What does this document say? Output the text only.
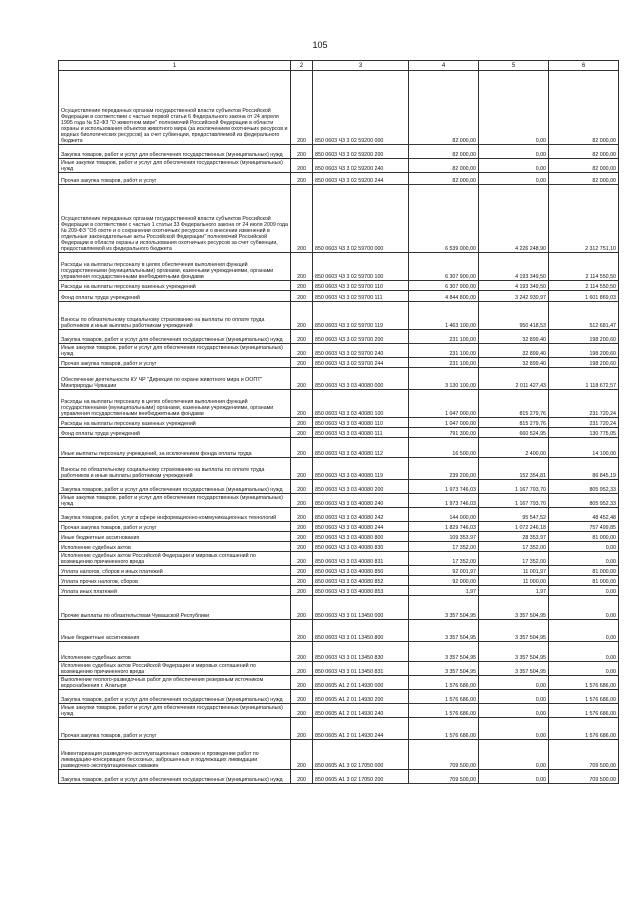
105
1	2	3	4	5	6
Осуществление переданных органам государственной власти субъектов Российской Федерации в соответствии с частью первой статьи 6 Федерального закона от 24 апреля 1995 года № 52-ФЗ "О животном мире" полномочий Российской Федерации в области охраны и использования объектов животного мира (за исключением охотничьих ресурсов и водных биологических ресурсов) за счет субвенции, предоставляемой из федерального бюджета	200	850 0603 Ч3 3 02 59200 000	82 000,00	0,00	82 000,00
Закупка товаров, работ и услуг для обеспечения государственных (муниципальных) нужд	200	850 0603 Ч3 3 02 59200 200	82 000,00	0,00	82 000,00
Иные закупки товаров, работ и услуг для обеспечения государственных (муниципальных) нужд	200	850 0603 Ч3 3 02 59200 240	82 000,00	0,00	82 000,00
Прочая закупка товаров, работ и услуг	200	850 0603 Ч3 3 02 59200 244	82 000,00	0,00	82 000,00
Осуществление переданных органам государственной власти субъектов Российской Федерации в соответствии с частью 1 статьи 33 Федерального закона от 24 июля 2009 года № 209-ФЗ "Об охоте и о сохранении охотничьих ресурсов и о внесении изменений в отдельные законодательные акты Российской Федерации" полномочий Российской Федерации в области охраны и использования охотничьих ресурсов за счет субвенции, предоставляемой из федерального бюджета	200	850 0603 Ч3 3 02 59700 000	6 539 000,00	4 226 248,90	2 312 751,10
Расходы на выплаты персоналу в целях обеспечения выполнения функций государственными (муниципальными) органами, казенными учреждениями, органами управления государственными внебюджетными фондами	200	850 0603 Ч3 3 02 59700 100	6 307 900,00	4 193 349,50	2 114 550,50
Расходы на выплаты персоналу казенных учреждений	200	850 0603 Ч3 3 02 59700 110	6 307 900,00	4 193 349,50	2 114 550,50
Фонд оплаты труда учреждений	200	850 0603 Ч3 3 02 59700 111	4 844 800,00	3 242 930,97	1 601 869,03
Взносы по обязательному социальному страхованию на выплаты по оплате труда работников и иные выплаты работникам учреждений	200	850 0603 Ч3 3 02 59700 119	1 463 100,00	950 418,53	512 681,47
Закупка товаров, работ и услуг для обеспечения государственных (муниципальных) нужд	200	850 0603 Ч3 3 02 59700 200	231 100,00	32 899,40	198 200,60
Иные закупки товаров, работ и услуг для обеспечения государственных (муниципальных) нужд	200	850 0603 Ч3 3 02 59700 240	231 100,00	32 899,40	198 200,60
Прочая закупка товаров, работ и услуг	200	850 0603 Ч3 3 02 59700 244	231 100,00	32 899,40	198 200,60
Обеспечение деятельности КУ ЧР "Дирекция по охране животного мира и ООПТ" Минприроды Чувашии	200	850 0603 Ч3 3 03 40080 000	3 130 100,00	2 011 427,43	1 118 672,57
Расходы на выплаты персоналу в целях обеспечения выполнения функций государственными (муниципальными) органами, казенными учреждениями, органами управления государственными внебюджетными фондами	200	850 0603 Ч3 3 03 40080 100	1 047 000,00	815 279,76	231 720,24
Расходы на выплаты персоналу казенных учреждений	200	850 0603 Ч3 3 03 40080 110	1 047 000,00	815 279,76	231 720,24
Фонд оплаты труда учреждений	200	850 0603 Ч3 3 03 40080 111	791 300,00	660 524,95	130 775,05
Иные выплаты персоналу учреждений, за исключением фонда оплаты труда	200	850 0603 Ч3 3 03 40080 112	16 500,00	2 400,00	14 100,00
Взносы по обязательному социальному страхованию на выплаты по оплате труда работников и иные выплаты работникам учреждений	200	850 0603 Ч3 3 03 40080 119	239 200,00	152 354,81	86 845,19
Закупка товаров, работ и услуг для обеспечения государственных (муниципальных) нужд	200	850 0603 Ч3 3 03 40080 200	1 973 746,03	1 167 793,70	805 952,33
Иные закупки товаров, работ и услуг для обеспечения государственных (муниципальных) нужд	200	850 0603 Ч3 3 03 40080 240	1 973 746,03	1 167 793,70	805 952,33
Закупка товаров, работ, услуг в сфере информационно-коммуникационных технологий	200	850 0603 Ч3 3 03 40080 242	144 000,00	95 547,52	48 452,48
Прочая закупка товаров, работ и услуг	200	850 0603 Ч3 3 03 40080 244	1 829 746,03	1 072 246,18	757 499,85
Иные бюджетные ассигнования	200	850 0603 Ч3 3 03 40080 800	109 353,97	28 353,97	81 000,00
Исполнение судебных актов	200	850 0603 Ч3 3 03 40080 830	17 352,00	17 352,00	0,00
Исполнение судебных актов Российской Федерации и мировых соглашений по возмещению причиненного вреда	200	850 0603 Ч3 3 03 40080 831	17 352,00	17 352,00	0,00
Уплата налогов, сборов и иных платежей	200	850 0603 Ч3 3 03 40080 850	92 001,97	11 001,97	81 000,00
Уплата прочих налогов, сборов	200	850 0603 Ч3 3 03 40080 852	92 000,00	11 000,00	81 000,00
Уплата иных платежей	200	850 0603 Ч3 3 03 40080 853	1,97	1,97	0,00
Прочие выплаты по обязательствам Чувашской Республики	200	850 0603 Ч3 3 01 13450 000	3 357 504,95	3 357 504,95	0,00
Иные бюджетные ассигнования	200	850 0603 Ч3 3 01 13450 800	3 357 504,95	3 357 504,95	0,00
Исполнение судебных актов	200	850 0603 Ч3 3 01 13450 830	3 357 504,95	3 357 504,95	0,00
Исполнение судебных актов Российской Федерации и мировых соглашений по возмещению причиненного вреда	200	850 0603 Ч3 3 01 13450 831	3 357 504,95	3 357 504,95	0,00
Выполнение геолого-разведочных работ для обеспечения резервным источником водоснабжения г. Алатыря	200	850 0605 А1 2 01 14930 000	1 576 686,00	0,00	1 576 686,00
Закупка товаров, работ и услуг для обеспечения государственных (муниципальных) нужд	200	850 0605 А1 2 01 14930 200	1 576 686,00	0,00	1 576 686,00
Иные закупки товаров, работ и услуг для обеспечения государственных (муниципальных) нужд	200	850 0605 А1 2 01 14930 240	1 576 686,00	0,00	1 576 686,00
Прочая закупка товаров, работ и услуг	200	850 0605 А1 2 01 14930 244	1 576 686,00	0,00	1 576 686,00
Инвентаризация разведочно-эксплуатационных скважин и проведение работ по ликвидацию-консервацию бесхозных, заброшенных и подлежащих ликвидации разведочно-эксплуатационных скважин	200	850 0605 А1 3 02 17050 000	709 500,00	0,00	709 500,00
Закупка товаров, работ и услуг для обеспечения государственных (муниципальных) нужд	200	850 0605 А1 3 02 17050 200	709 500,00	0,00	709 500,00
